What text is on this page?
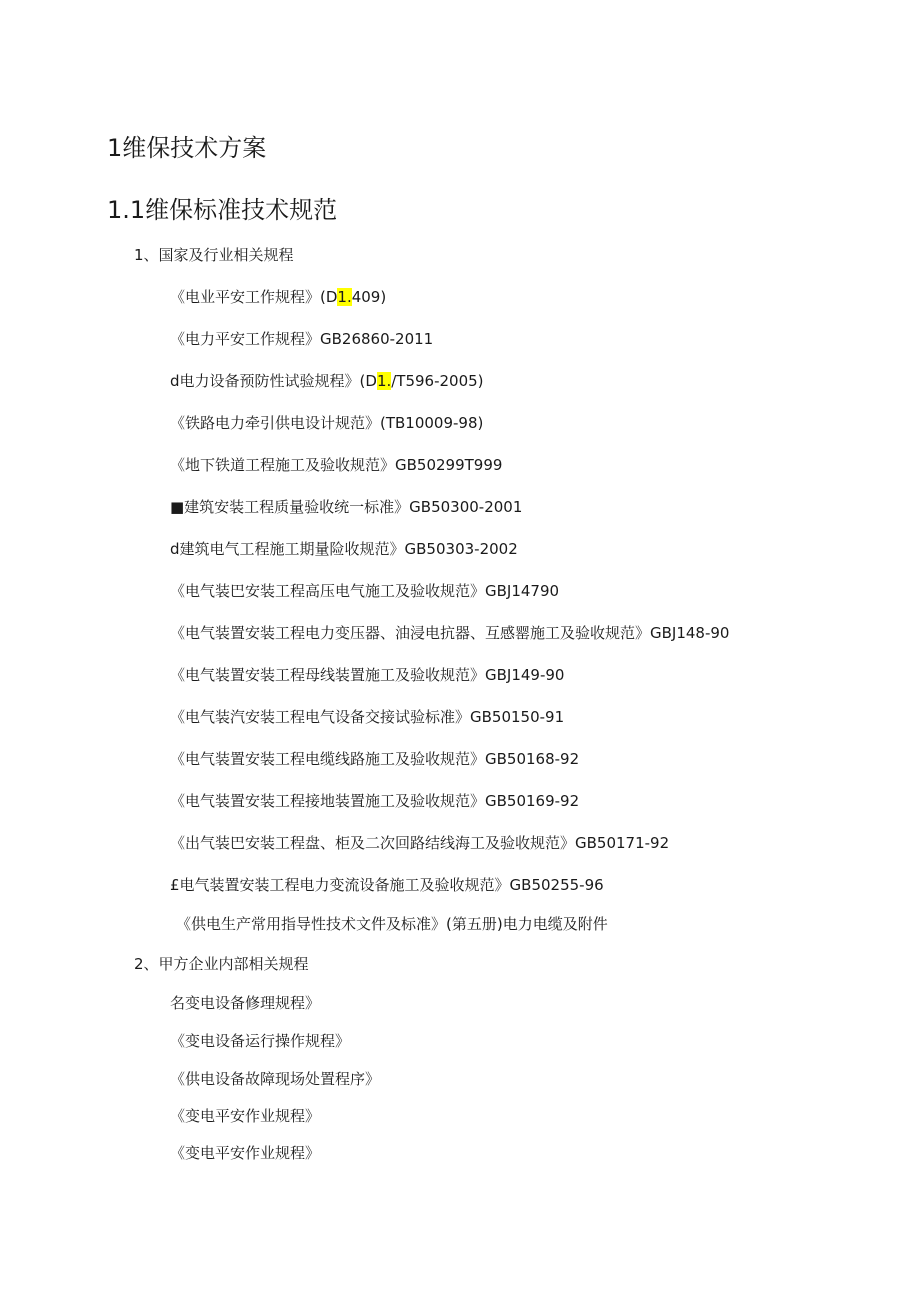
1维保技术方案
1.1维保标准技术规范
1、国家及行业相关规程
《电业平安工作规程》(D1.409)
《电力平安工作规程》GB26860-2011
d电力设备预防性试验规程》(D1./T596-2005)
《铁路电力牵引供电设计规范》(TB10009-98)
《地下铁道工程施工及验收规范》GB50299T999
■建筑安装工程质量验收统一标准》GB50300-2001
d建筑电气工程施工期量险收规范》GB50303-2002
《电气装巴安装工程高压电气施工及验收规范》GBJ14790
《电气装置安装工程电力变压器、油浸电抗器、互感罂施工及验收规范》GBJ148-90
《电气装置安装工程母线装置施工及验收规范》GBJ149-90
《电气装汽安装工程电气设备交接试验标准》GB50150-91
《电气装置安装工程电缆线路施工及验收规范》GB50168-92
《电气装置安装工程接地装置施工及验收规范》GB50169-92
《出气装巴安装工程盘、柜及二次回路结线海工及验收规范》GB50171-92
£电气装置安装工程电力变流设备施工及验收规范》GB50255-96
《供电生产常用指导性技术文件及标准》(第五册)电力电缆及附件
2、甲方企业内部相关规程
名变电设备修理规程》
《变电设备运行操作规程》
《供电设备故障现场处置程序》
《变电平安作业规程》
《变电平安作业规程》
